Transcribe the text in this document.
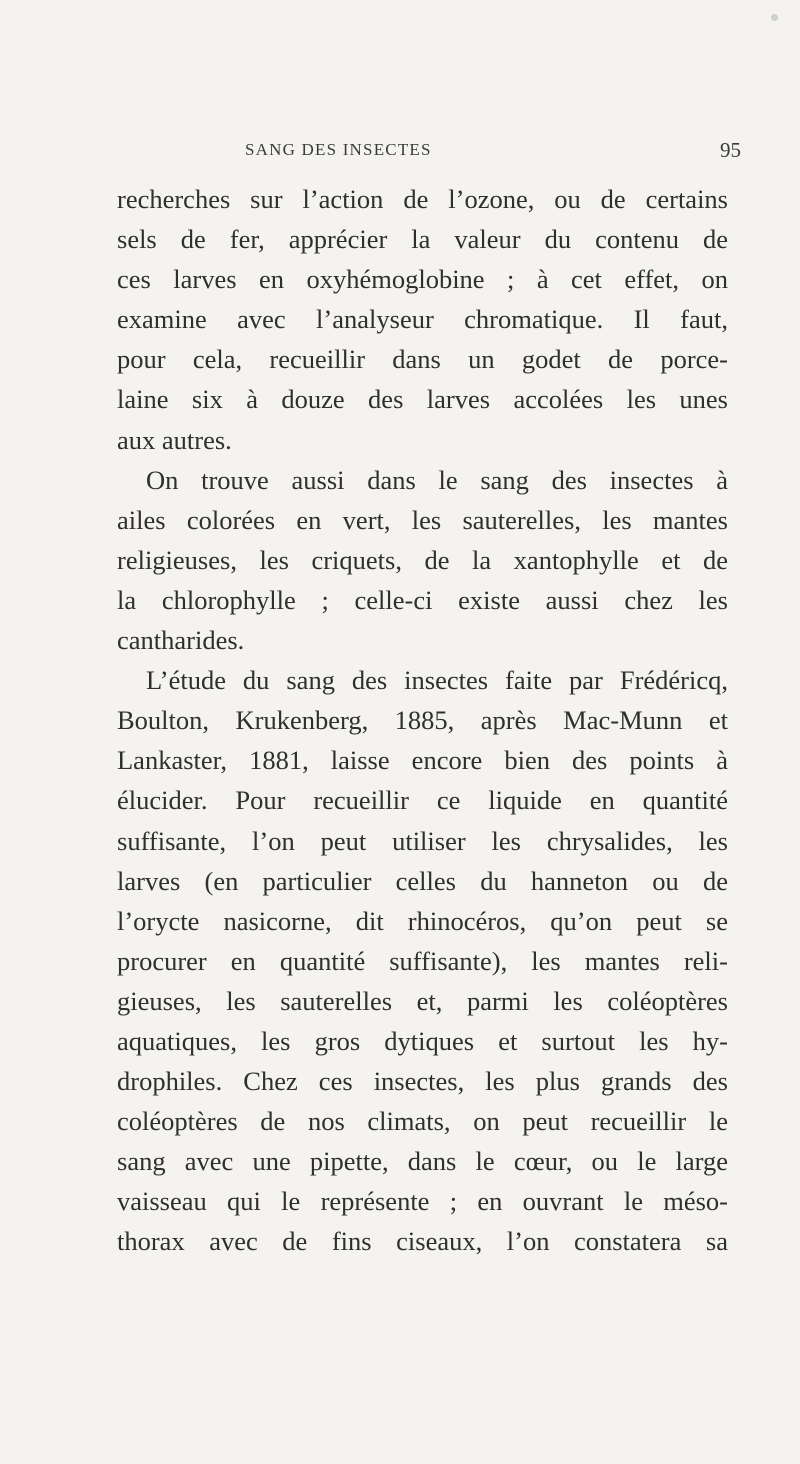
SANG DES INSECTES	95
recherches sur l’action de l’ozone, ou de certains
sels de fer, apprécier la valeur du contenu de
ces larves en oxyhémoglobine ; à cet effet, on
examine avec l’analyseur chromatique. Il faut,
pour cela, recueillir dans un godet de porce-
laine six à douze des larves accolées les unes
aux autres.
On trouve aussi dans le sang des insectes à
ailes colorées en vert, les sauterelles, les mantes
religieuses, les criquets, de la xantophylle et de
la chlorophylle ; celle-ci existe aussi chez les
cantharides.
L’étude du sang des insectes faite par Frédéricq,
Boulton, Krukenberg, 1885, après Mac-Munn et
Lankaster, 1881, laisse encore bien des points à
élucider. Pour recueillir ce liquide en quantité
suffisante, l’on peut utiliser les chrysalides, les
larves (en particulier celles du hanneton ou de
l’oryctе nasicorne, dit rhinocéros, qu’on peut se
procurer en quantité suffisante), les mantes reli-
gieuses, les sauterelles et, parmi les coléoptères
aquatiques, les gros dytiques et surtout les hy-
drophiles. Chez ces insectes, les plus grands des
coléoptères de nos climats, on peut recueillir le
sang avec une pipette, dans le cœur, ou le large
vaisseau qui le représente ; en ouvrant le méso-
thorax avec de fins ciseaux, l’on constatera sa
